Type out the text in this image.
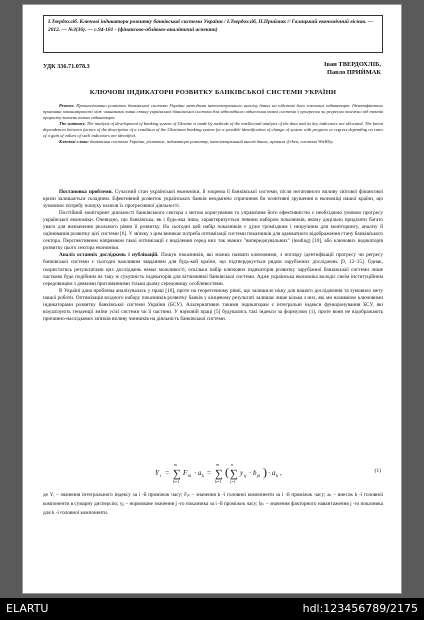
І.Твердохліб. Ключові індикатори розвитку банківської системи України / І.Твердохліб, П.Приймак // Галицький економічний вісник. — 2012. — №3(36). — с.94-101 - (фінансово-обліково-аналітичні аспекти)
УДК 336.71.078.3	Іван ТВЕРДОХЛІБ,
Павло ПРИЙМАК
КЛЮЧОВІ ІНДИКАТОРИ РОЗВИТКУ БАНКІВСЬКОЇ СИСТЕМИ УКРАЇНИ

Резюме. Проаналізовано розвиток банківської системи України методами інтелектуального аналізу даних на підставі його ключових індикаторів. Ідентифіковано приховані закономірності між чинниками зміни стану української банківської системи для відповідного віднесення такої системи з прогресом чи регресом залежно від темпів приросту значень таких індикаторів.

The summary. The analysis of development of banking system of Ukraine is made by methods of the intellectual analysis of the data and its key indicators are allocated. The latent dependences between factors of the description of a condition of the Ukrainian banking system for a possible identification of change of system with progress or regress depending on rates of a gain of values of such indicators are identified.

Ключові слова: банківська система України, розвиток, індикатори розвитку, інтелектуальний аналіз даних, правила if-then, система WizWhy.

Постановка проблеми. Сучасний стан української економіки, й зокрема її банківської системи, після негативного впливу світової фінансової кризи залишається складним. Ефективний розвиток українських банків неодмінно спричинив би позитивні зрушення в економіці нашої країни, що зумовлює потребу пошуку шляхів їх прогресивної діяльності.

Постійний моніторинг діяльності банківського сектора з метою коригування та управління його ефективністю є необхідною умовою прогресу української економіки. Очевидно, що банківська, як і будь-яка інша, характеризується певним набором показників, якому доцільно приділяти багато уваги для визначення реального рівня її розвитку. На сьогодні цей набір показників є дуже громіздким і незручним для моніторингу, аналізу й оцінювання розвитку цієї системи [6]. У зв'язку з цим виникає потреба оптимізації системи показників для адекватного відображення стану банківського сектора. Перспективним напрямком такої оптимізації є виділення серед них так званих "випереджувальних" (leading) [10], або ключових індикаторів розвитку цього сектора економіки.

Аналіз останніх досліджень і публікацій. Пошук показників, які можна назвати ключовими, з погляду ідентифікації прогресу чи регресу банківської системи є сьогодні важливим завданням для будь-кой країни, що підтверджується рядом зарубіжних досліджень [9, 12–15]. Однак, скористатись результатами цих досліджень немає можливості, оскільки набір ключових індикаторів розвитку зарубіжної банківської системи лише частково буде подібним на таку ж сукупність індикаторів для вітчизняної банківської системи. Адже українська економіка володіє своїм інституційним середовищем з деякими притаманними тільки цьому середовищу особливостями.

В Україні дана проблема аналізувалась у праці [10], проте на теоретичному рівні, що залишило нішу для нашого дослідження та зумовило мету нашої роботи. Оптимізація вхідного набору показників розвитку банків у кінцевому результаті залишає лише кілька з них, які ми називаємо ключовими індикаторами розвитку банківської системи України (БСУ). Альтернативно такими індикаторам є інтегральні індекси функціонування БСУ, які візуалізують тенденції зміни усієї системи чи її частини. У науковій праці [5] будувались такі індекси за формулою (1), проте вони не відображають причинно-наслідкових зв'язків впливу чинників на діяльність банківської системи.

Y i = ∑
m
k=1
F ik · a k = ∑
m
k=1
( ∑
n
j=1
y ij · b jk ) · a k ,	(1)
де Yᵢ – значення інтегрального індексу за i -й проміжок часу; Fᵢₖ – значення k -ї головної компоненти за i -й проміжок часу; aₖ – внесок k -ї головної компоненти в сумарну дисперсію; yᵢⱼ – нормоване значення j -го показника за i -й проміжок часу; bⱼₖ – значення факторного навантаження j -го показника для k -ї головної компоненти.
ELARTU	hdl:123456789/2175
